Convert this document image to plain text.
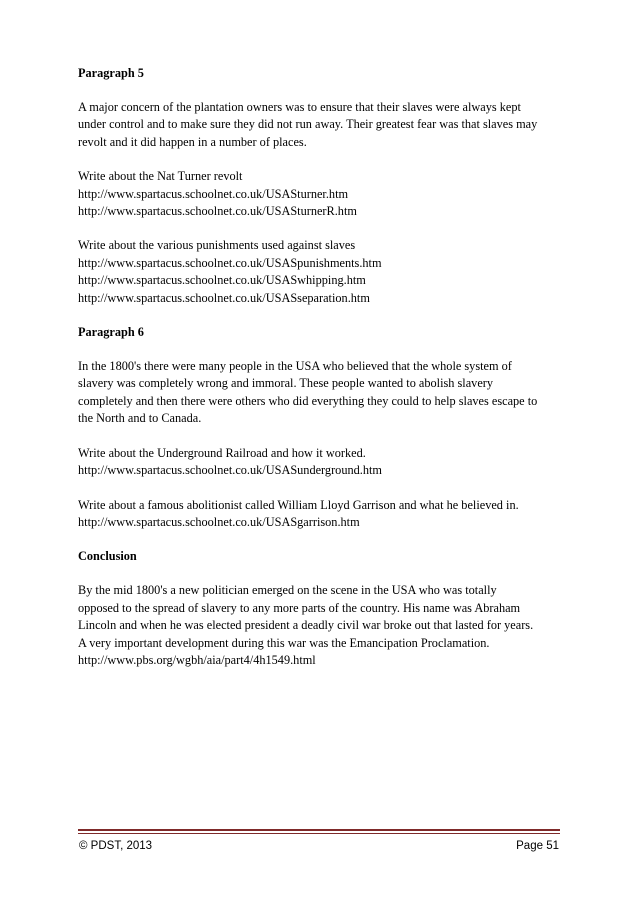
Paragraph 5

A major concern of the plantation owners was to ensure that their slaves were always kept
under control and to make sure they did not run away. Their greatest fear was that slaves may
revolt and it did happen in a number of places.
Write about the Nat Turner revolt
http://www.spartacus.schoolnet.co.uk/USASturner.htm
http://www.spartacus.schoolnet.co.uk/USASturnerR.htm
Write about the various punishments used against slaves
http://www.spartacus.schoolnet.co.uk/USASpunishments.htm
http://www.spartacus.schoolnet.co.uk/USASwhipping.htm
http://www.spartacus.schoolnet.co.uk/USASseparation.htm

Paragraph 6

In the 1800's there were many people in the USA who believed that the whole system of
slavery was completely wrong and immoral. These people wanted to abolish slavery
completely and then there were others who did everything they could to help slaves escape to
the North and to Canada.
Write about the Underground Railroad and how it worked.
http://www.spartacus.schoolnet.co.uk/USASunderground.htm
Write about a famous abolitionist called William Lloyd Garrison and what he believed in.
http://www.spartacus.schoolnet.co.uk/USASgarrison.htm

Conclusion

By the mid 1800's a new politician emerged on the scene in the USA who was totally
opposed to the spread of slavery to any more parts of the country. His name was Abraham
Lincoln and when he was elected president a deadly civil war broke out that lasted for years.
A very important development during this war was the Emancipation Proclamation.
http://www.pbs.org/wgbh/aia/part4/4h1549.html
© PDST, 2013	Page 51
